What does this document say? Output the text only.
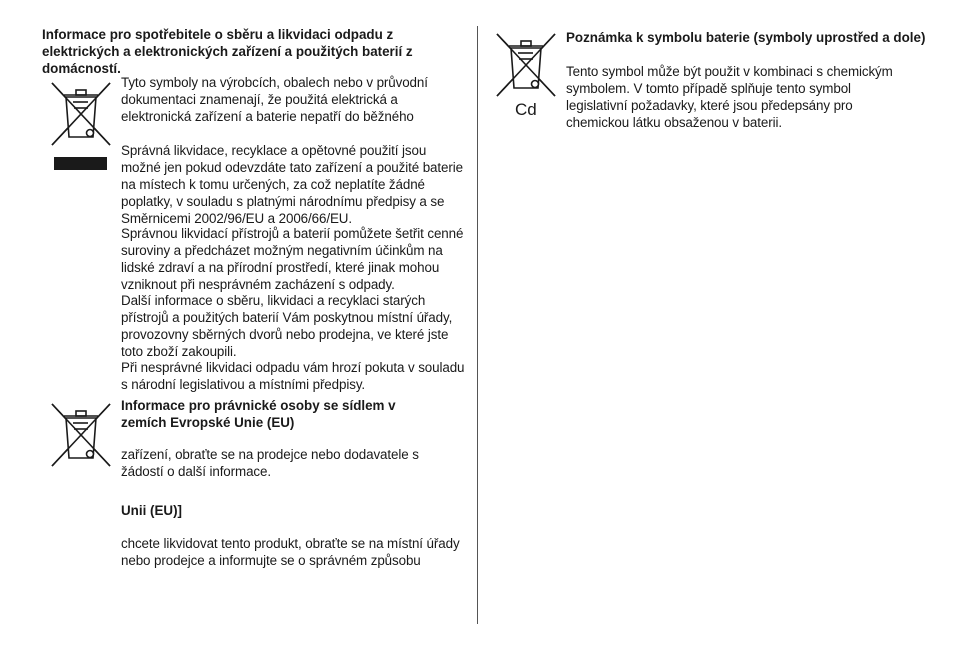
Informace pro spotřebitele o sběru a likvidaci odpadu z elektrických a elektronických zařízení a použitých baterií z domácností.

Tyto symboly na výrobcích, obalech nebo v průvodní dokumentaci znamenají, že použitá elektrická a elektronická zařízení a baterie nepatří do běžného

Správná likvidace, recyklace a opětovné použití jsou možné jen pokud odevzdáte tato zařízení a použité baterie na místech k tomu určených, za což neplatíte žádné poplatky, v souladu s platnými národnímu předpisy a se Směrnicemi 2002/96/EU a 2006/66/EU.

Správnou likvidací přístrojů a baterií pomůžete šetřit cenné suroviny a předcházet možným negativním účinkům na lidské zdraví a na přírodní prostředí, které jinak mohou vzniknout při nesprávném zacházení s odpady.

Další informace o sběru, likvidaci a recyklaci starých přístrojů a použitých baterií Vám poskytnou místní úřady, provozovny sběrných dvorů nebo prodejna, ve které jste toto zboží zakoupili.

Při nesprávné likvidaci odpadu vám hrozí pokuta v souladu s národní legislativou a místními předpisy.

Informace pro právnické osoby se sídlem v zemích Evropské Unie (EU)

zařízení, obraťte se na prodejce nebo dodavatele s žádostí o další informace.

Unii (EU)]

chcete likvidovat tento produkt, obraťte se na místní úřady nebo prodejce a informujte se o správném způsobu

Cd
Poznámka k symbolu baterie (symboly uprostřed a dole)

Tento symbol může být použit v kombinaci s chemickým symbolem. V tomto případě splňuje tento symbol legislativní požadavky, které jsou předepsány pro chemickou látku obsaženou v baterii.
